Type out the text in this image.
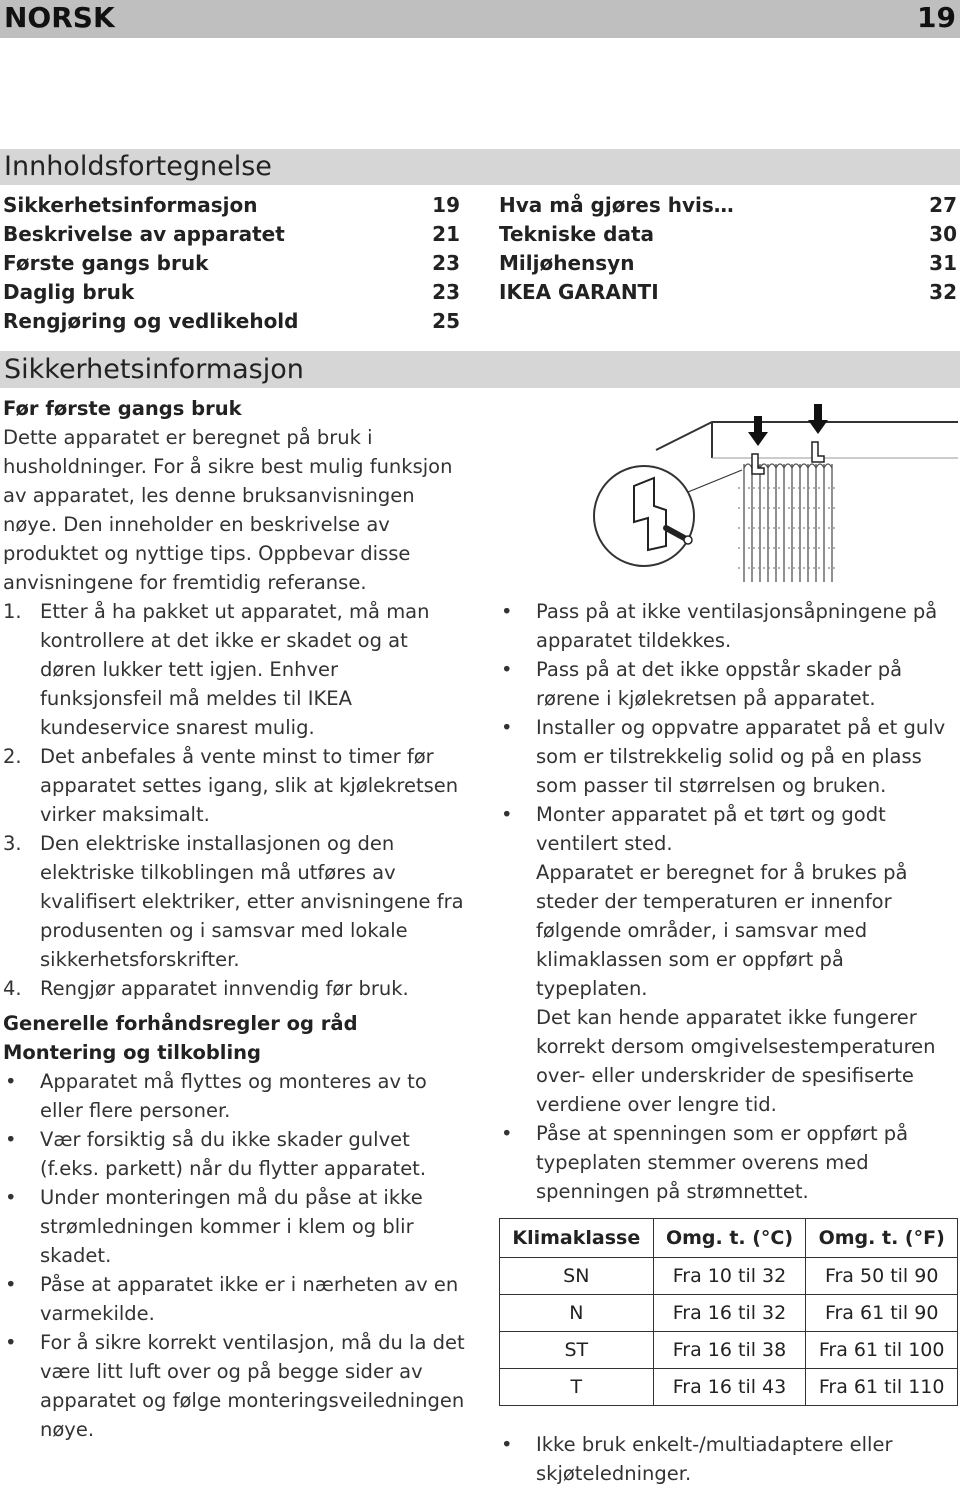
NORSK	19
Innholdsfortegnelse
Sikkerhetsinformasjon	19
Beskrivelse av apparatet	21
Første gangs bruk	23
Daglig bruk	23
Rengjøring og vedlikehold	25
Hva må gjøres hvis…	27
Tekniske data	30
Miljøhensyn	31
IKEA GARANTI	32
Sikkerhetsinformasjon

Før første gangs bruk

Dette apparatet er beregnet på bruk i husholdninger. For å sikre best mulig funksjon av apparatet, les denne bruksanvisningen nøye. Den inneholder en beskrivelse av produktet og nyttige tips. Oppbevar disse anvisningene for fremtidig referanse.

1. Etter å ha pakket ut apparatet, må man kontrollere at det ikke er skadet og at døren lukker tett igjen. Enhver funksjonsfeil må meldes til IKEA kundeservice snarest mulig.
2. Det anbefales å vente minst to timer før apparatet settes igang, slik at kjølekretsen virker maksimalt.
3. Den elektriske installasjonen og den elektriske tilkoblingen må utføres av kvalifisert elektriker, etter anvisningene fra produsenten og i samsvar med lokale sikkerhetsforskrifter.
4. Rengjør apparatet innvendig før bruk.

Generelle forhåndsregler og råd

Montering og tilkobling

• Apparatet må flyttes og monteres av to eller flere personer.
• Vær forsiktig så du ikke skader gulvet (f.eks. parkett) når du flytter apparatet.
• Under monteringen må du påse at ikke strømledningen kommer i klem og blir skadet.
• Påse at apparatet ikke er i nærheten av en varmekilde.
• For å sikre korrekt ventilasjon, må du la det være litt luft over og på begge sider av apparatet og følge monteringsveiledningen nøye.
• Pass på at ikke ventilasjonsåpningene på apparatet tildekkes.
• Pass på at det ikke oppstår skader på rørene i kjølekretsen på apparatet.
• Installer og oppvatre apparatet på et gulv som er tilstrekkelig solid og på en plass som passer til størrelsen og bruken.
• Monter apparatet på et tørt og godt ventilert sted.

Apparatet er beregnet for å brukes på steder der temperaturen er innenfor følgende områder, i samsvar med klimaklassen som er oppført på typeplaten.

Det kan hende apparatet ikke fungerer korrekt dersom omgivelsestemperaturen over- eller underskrider de spesifiserte verdiene over lengre tid.

• Påse at spenningen som er oppført på typeplaten stemmer overens med spenningen på strømnettet.
Klimaklasse	Omg. t. (°C)	Omg. t. (°F)
SN	Fra 10 til 32	Fra 50 til 90
N	Fra 16 til 32	Fra 61 til 90
ST	Fra 16 til 38	Fra 61 til 100
T	Fra 16 til 43	Fra 61 til 110
• Ikke bruk enkelt-/multiadaptere eller skjøteledninger.
